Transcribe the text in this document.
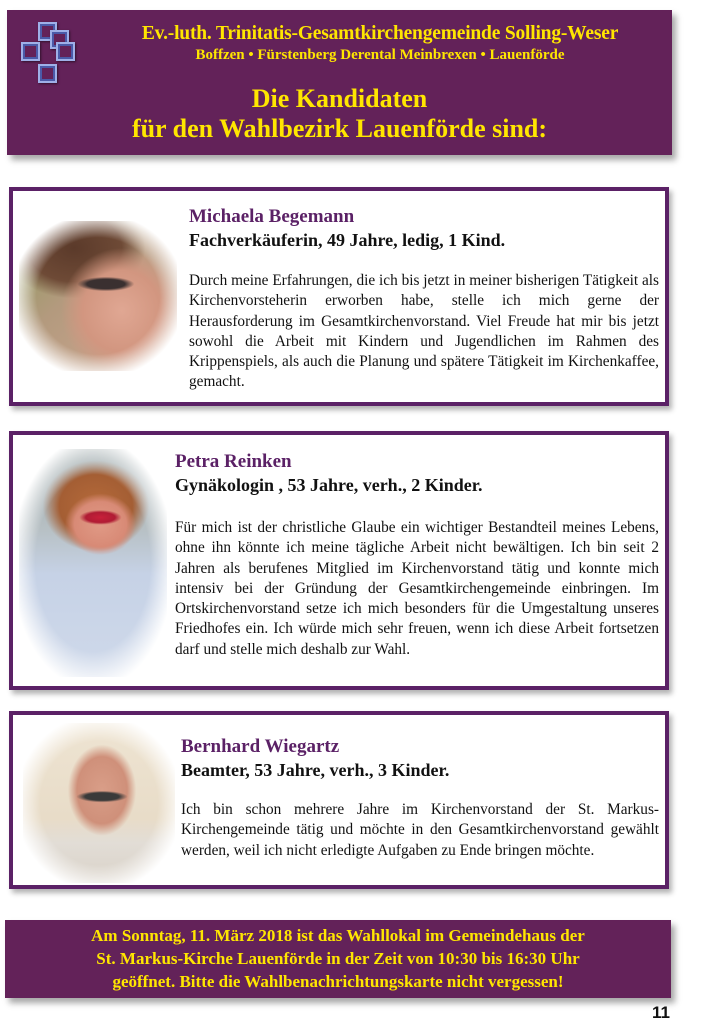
Ev.-luth. Trinitatis-Gesamtkirchengemeinde Solling-Weser
Boffzen • Fürstenberg Derental Meinbrexen • Lauenförde
Die Kandidaten
für den Wahlbezirk Lauenförde sind:
Michaela Begemann
Fachverkäuferin, 49 Jahre, ledig, 1 Kind.
Durch meine Erfahrungen, die ich bis jetzt in meiner bisherigen Tätigkeit als Kirchenvorsteherin erworben habe, stelle ich mich gerne der Herausforderung im Gesamtkirchenvorstand. Viel Freude hat mir bis jetzt sowohl die Arbeit mit Kindern und Jugendlichen im Rahmen des Krippenspiels, als auch die Planung und spätere Tätigkeit im Kirchenkaffee, gemacht.
Petra Reinken
Gynäkologin , 53 Jahre, verh., 2 Kinder.
Für mich ist der christliche Glaube ein wichtiger Bestandteil meines Lebens, ohne ihn könnte ich meine tägliche Arbeit nicht bewältigen. Ich bin seit 2 Jahren als berufenes Mitglied im Kirchenvorstand tätig und konnte mich intensiv bei der Gründung der Gesamtkirchengemeinde einbringen. Im Ortskirchenvorstand setze ich mich besonders für die Umgestaltung unseres Friedhofes ein. Ich würde mich sehr freuen, wenn ich diese Arbeit fortsetzen darf und stelle mich deshalb zur Wahl.
Bernhard Wiegartz
Beamter, 53 Jahre, verh., 3 Kinder.
Ich bin schon mehrere Jahre im Kirchenvorstand der St. Markus-Kirchengemeinde tätig und möchte in den Gesamtkirchenvorstand gewählt werden, weil ich nicht erledigte Aufgaben zu Ende bringen möchte.
Am Sonntag, 11. März 2018 ist das Wahllokal im Gemeindehaus der
St. Markus-Kirche Lauenförde in der Zeit von 10:30 bis 16:30 Uhr
geöffnet. Bitte die Wahlbenachrichtungskarte nicht vergessen!
11
